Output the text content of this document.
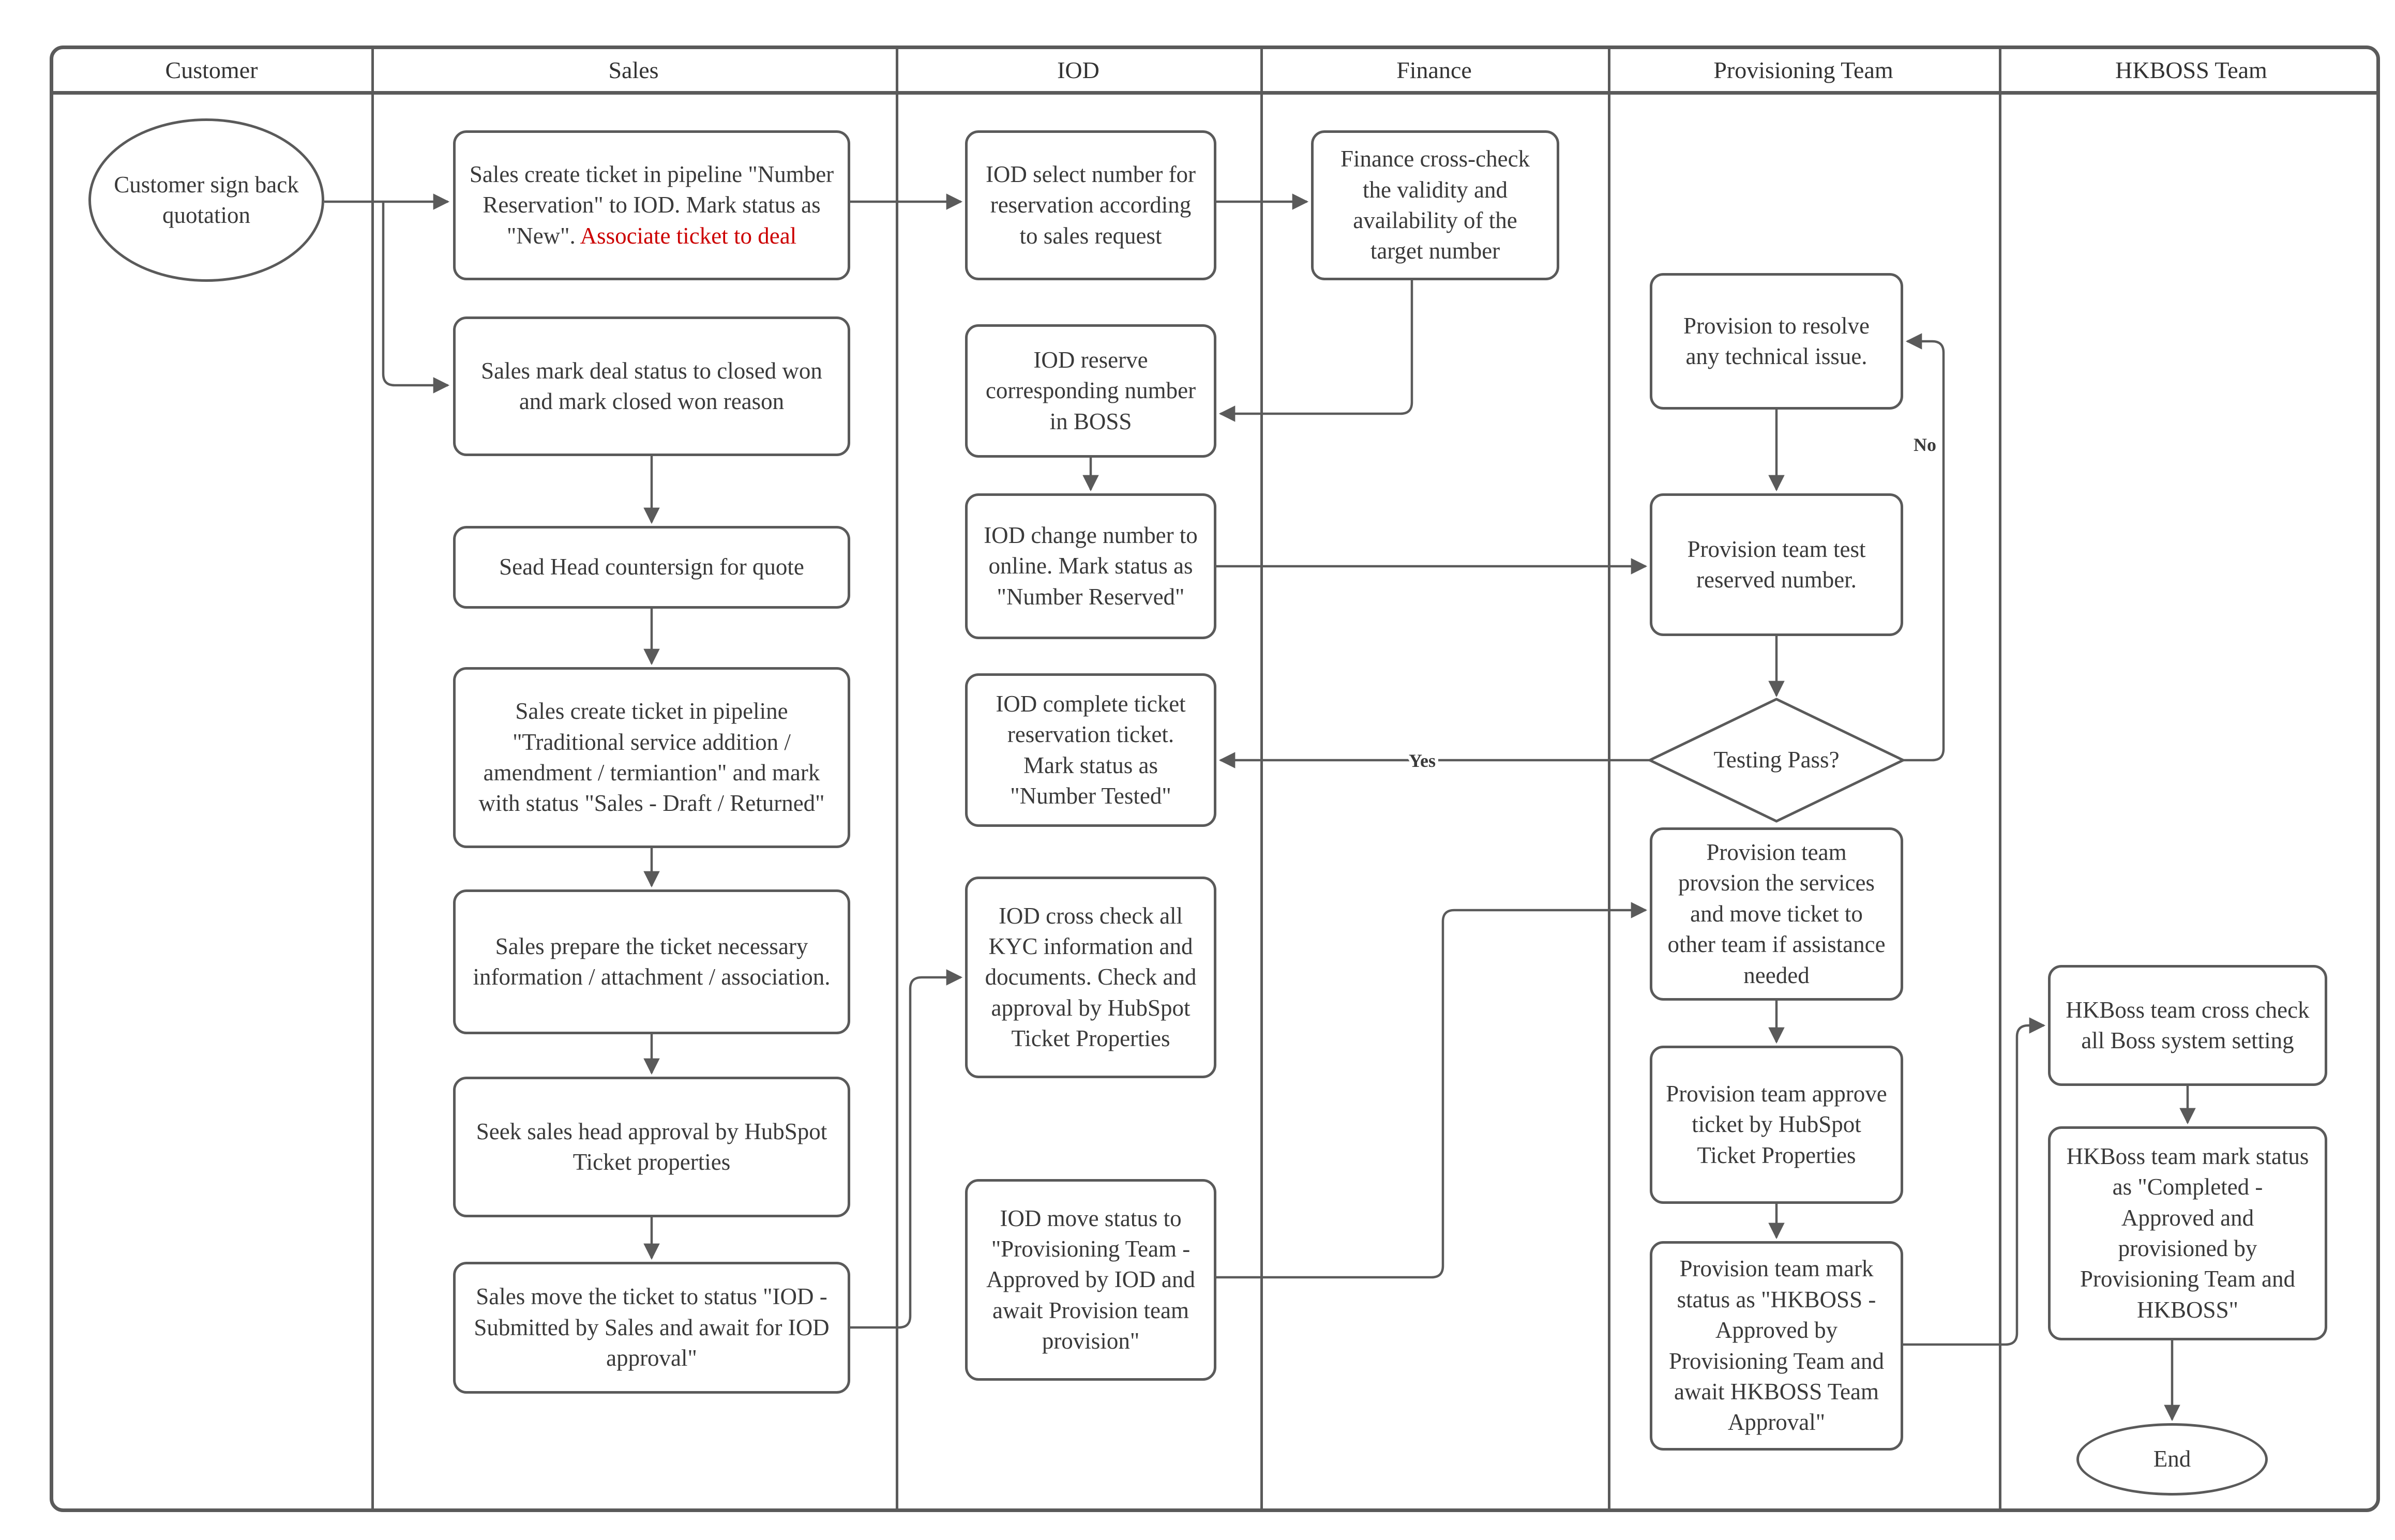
Customer	Sales	IOD	Finance	Provisioning Team	HKBOSS Team
Yes
No
Customer sign back quotation
Sales create ticket in pipeline "Number Reservation" to IOD. Mark status as "New". Associate ticket to deal
Sales mark deal status to closed won and mark closed won reason
Sead Head countersign for quote
Sales create ticket in pipeline "Traditional service addition / amendment / termiantion" and mark with status "Sales - Draft / Returned"
Sales prepare the ticket necessary information / attachment / association.
Seek sales head approval by HubSpot Ticket properties
Sales move the ticket to status "IOD - Submitted by Sales and await for IOD approval"
IOD select number for reservation according to sales request
IOD reserve corresponding number in BOSS
IOD change number to online. Mark status as "Number Reserved"
IOD complete ticket reservation ticket. Mark status as "Number Tested"
IOD cross check all KYC information and documents. Check and approval by HubSpot Ticket Properties
IOD move status to "Provisioning Team - Approved by IOD and await Provision team provision"
Finance cross-check the validity and availability of the target number
Provision to resolve any technical issue.
Provision team test reserved number.
Testing Pass?
Provision team provsion the services and move ticket to other team if assistance needed
Provision team approve ticket by HubSpot Ticket Properties
Provision team mark status as "HKBOSS - Approved by Provisioning Team and await HKBOSS Team Approval"
HKBoss team cross check all Boss system setting
HKBoss team mark status as "Completed - Approved and provisioned by Provisioning Team and HKBOSS"
End
